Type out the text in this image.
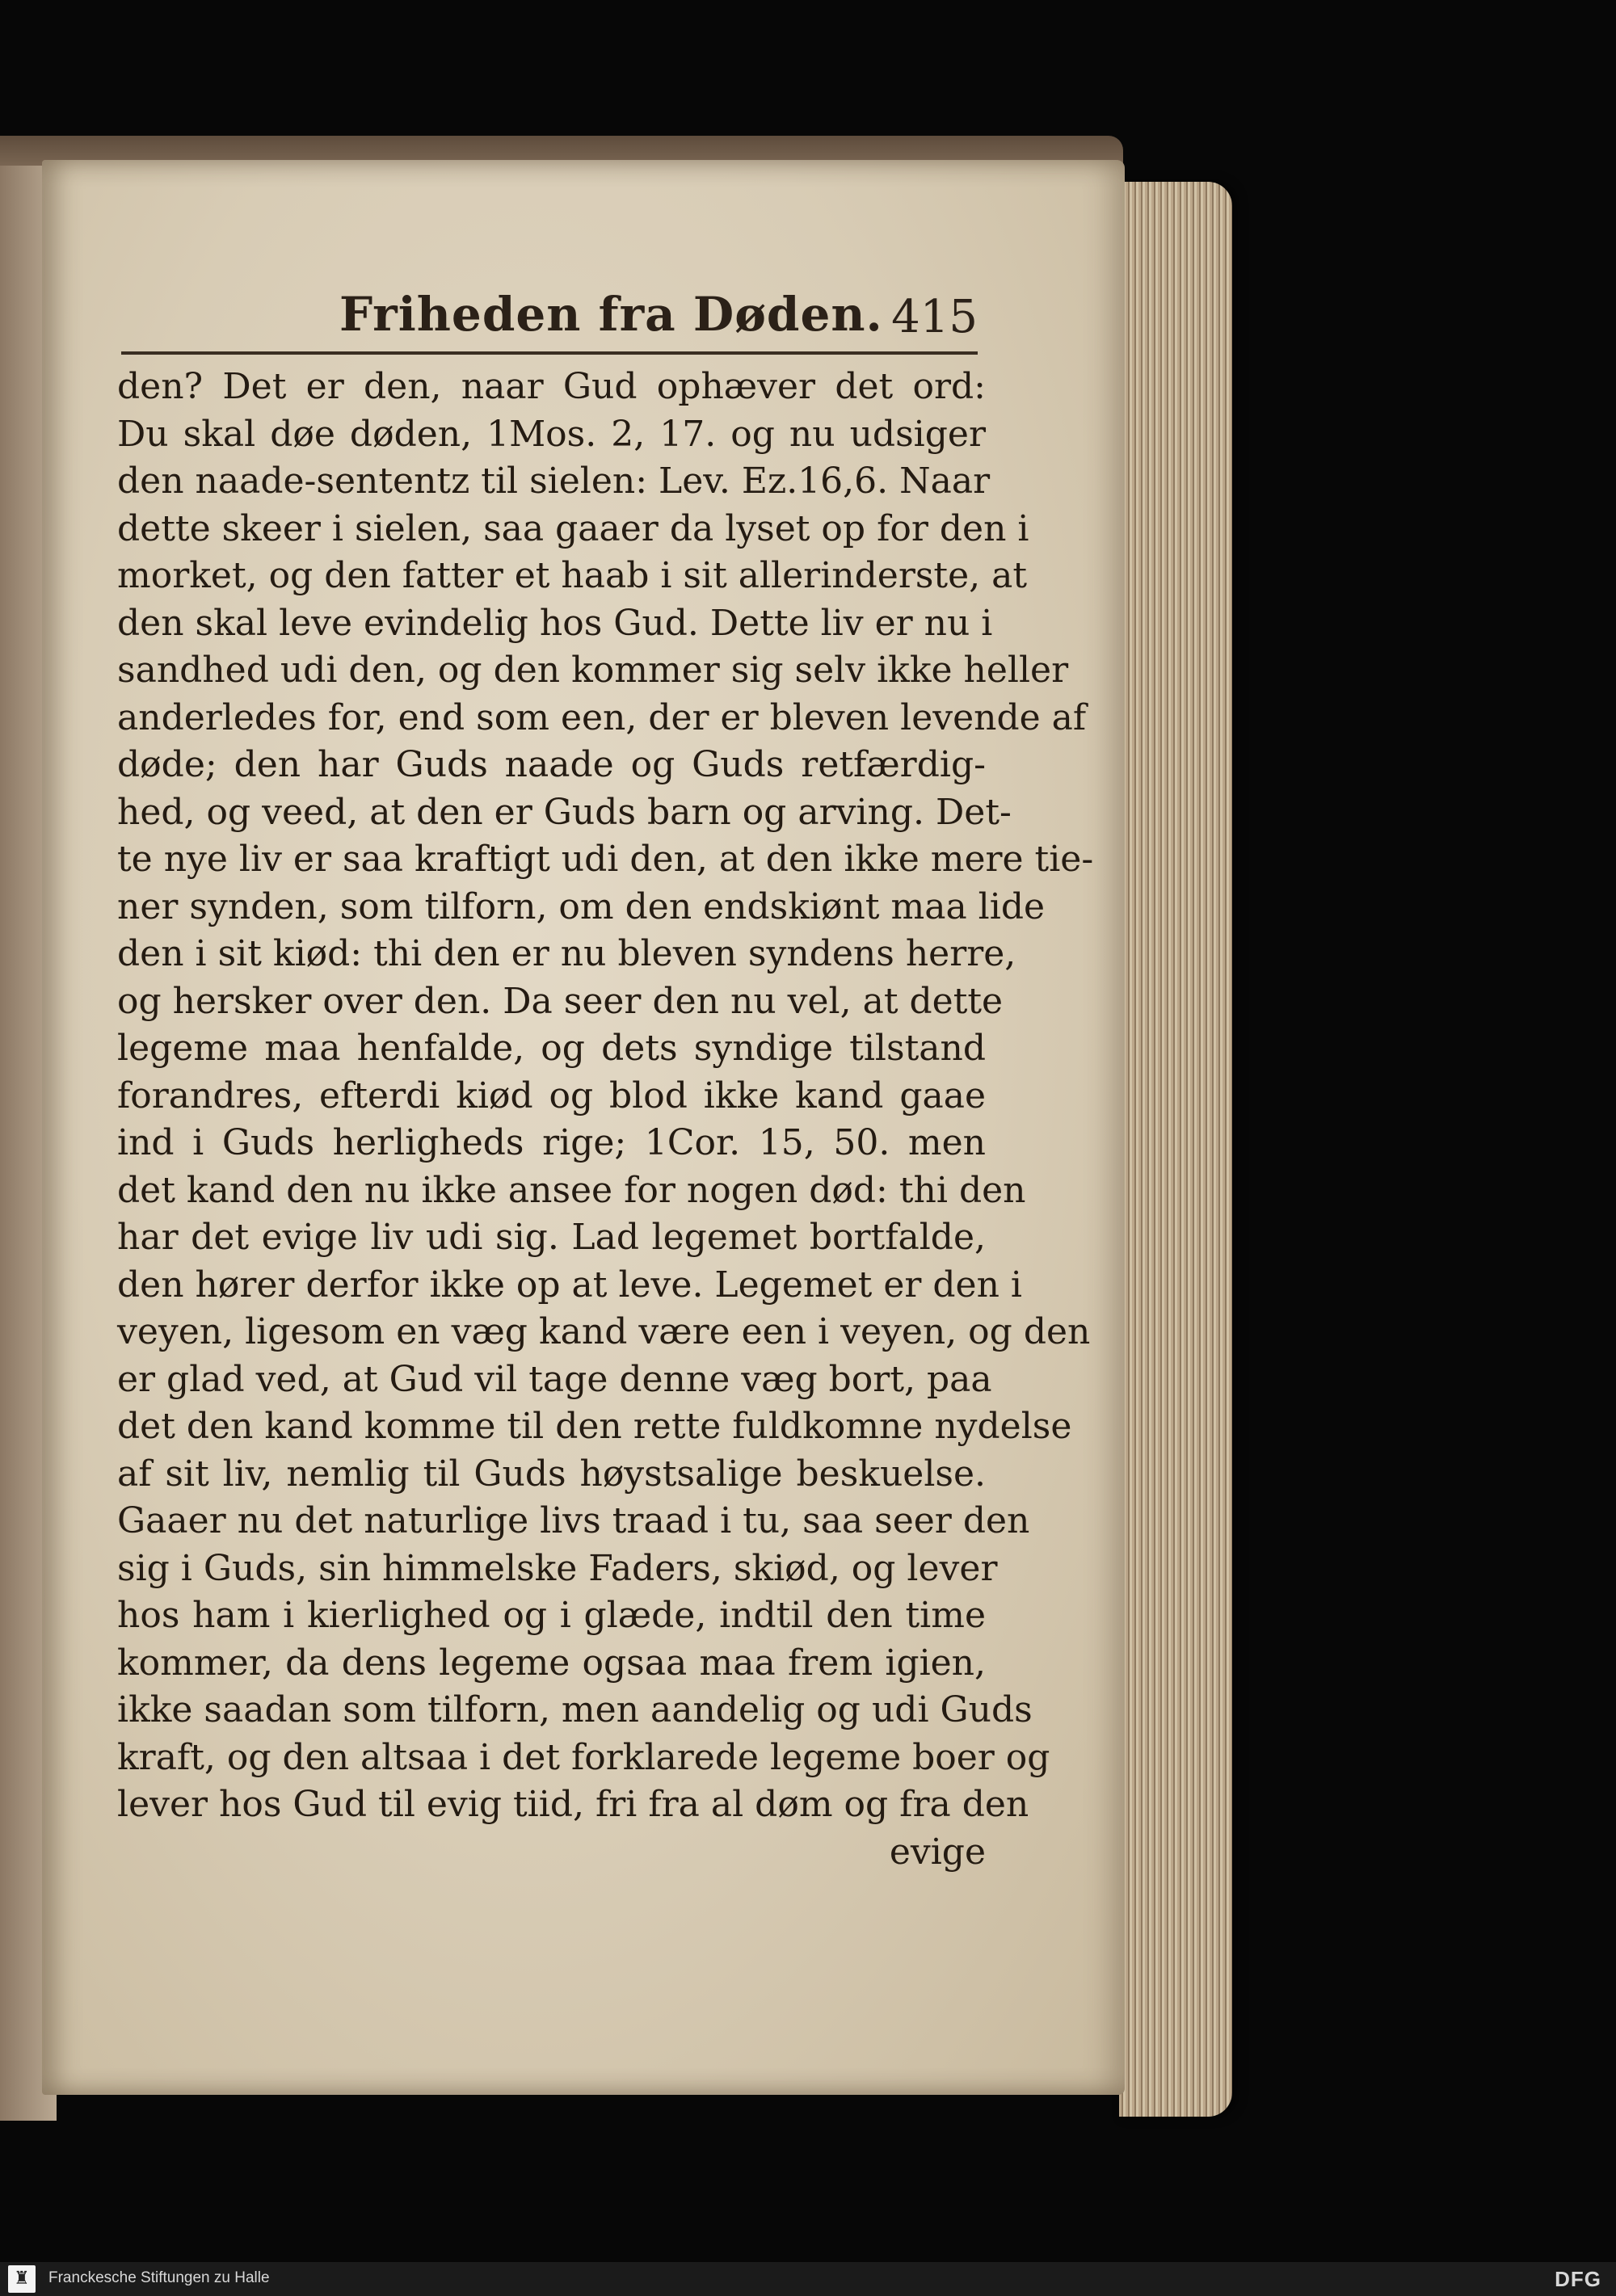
Friheden fra Døden. 415
den? Det er den, naar Gud ophæver det ord:
Du skal døe døden, 1Mos. 2, 17. og nu udsiger
den naade-sententz til sielen: Lev. Ez.16,6. Naar
dette skeer i sielen, saa gaaer da lyset op for den i
morket, og den fatter et haab i sit allerinderste, at
den skal leve evindelig hos Gud. Dette liv er nu i
sandhed udi den, og den kommer sig selv ikke heller
anderledes for, end som een, der er bleven levende af
døde; den har Guds naade og Guds retfærdig-
hed, og veed, at den er Guds barn og arving. Det-
te nye liv er saa kraftigt udi den, at den ikke mere tie-
ner synden, som tilforn, om den endskiønt maa lide
den i sit kiød: thi den er nu bleven syndens herre,
og hersker over den. Da seer den nu vel, at dette
legeme maa henfalde, og dets syndige tilstand
forandres, efterdi kiød og blod ikke kand gaae
ind i Guds herligheds rige; 1Cor. 15, 50. men
det kand den nu ikke ansee for nogen død: thi den
har det evige liv udi sig. Lad legemet bortfalde,
den hører derfor ikke op at leve. Legemet er den i
veyen, ligesom en væg kand være een i veyen, og den
er glad ved, at Gud vil tage denne væg bort, paa
det den kand komme til den rette fuldkomne nydelse
af sit liv, nemlig til Guds høystsalige beskuelse.
Gaaer nu det naturlige livs traad i tu, saa seer den
sig i Guds, sin himmelske Faders, skiød, og lever
hos ham i kierlighed og i glæde, indtil den time
kommer, da dens legeme ogsaa maa frem igien,
ikke saadan som tilforn, men aandelig og udi Guds
kraft, og den altsaa i det forklarede legeme boer og
lever hos Gud til evig tiid, fri fra al døm og fra den
evige
♜	Franckesche Stiftungen zu Halle	DFG
